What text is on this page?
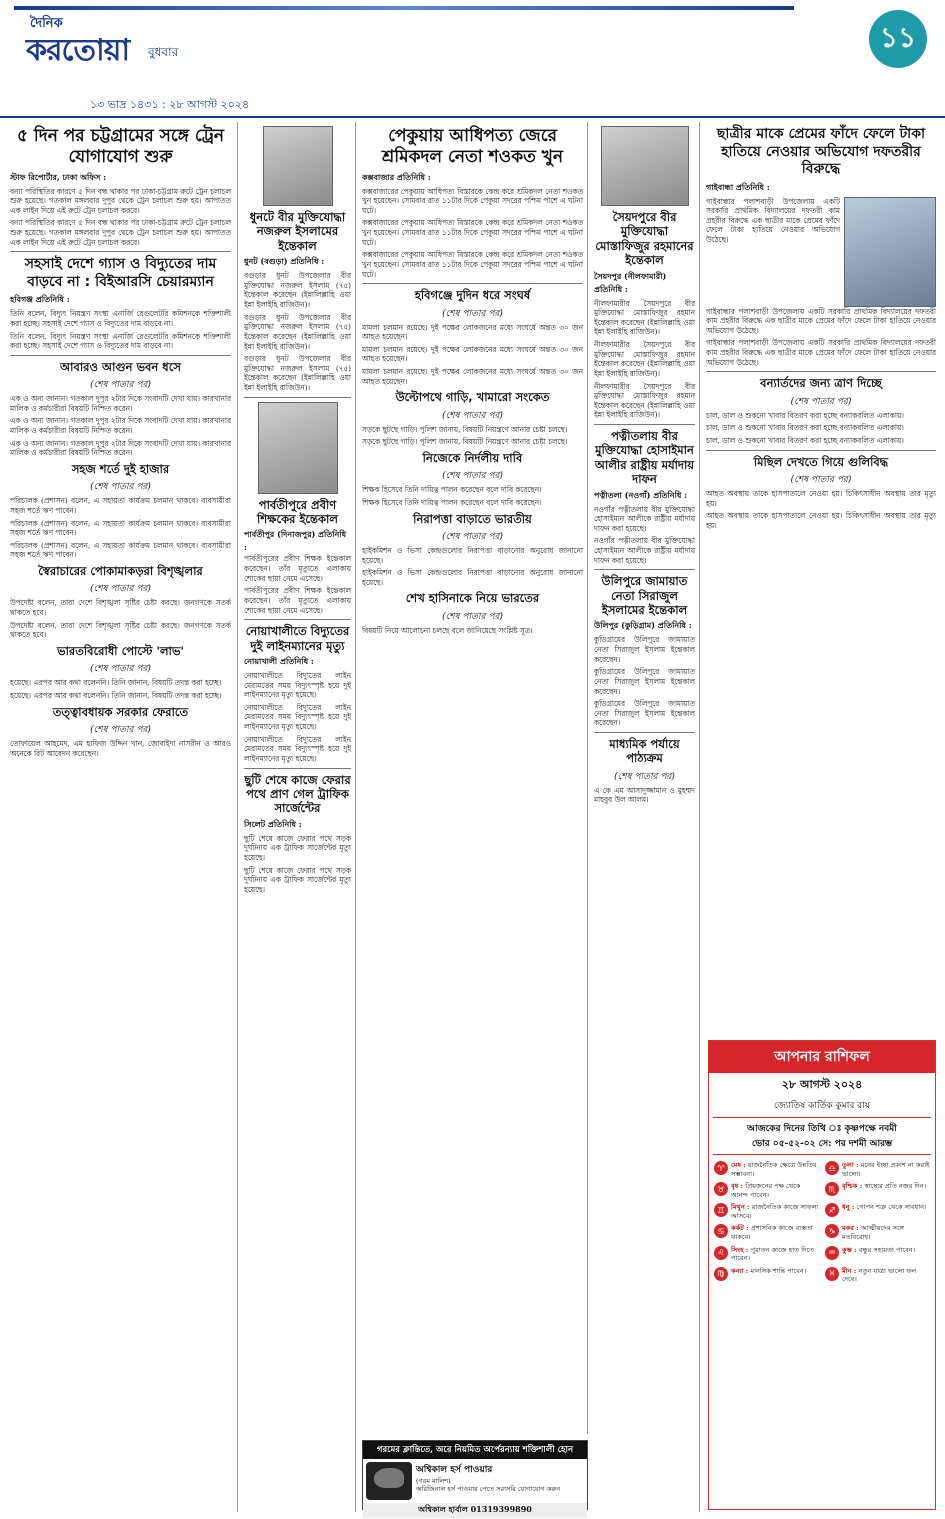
দৈনিক
করতোয়া বুধবার
১৩ ভাদ্র ১৪৩১ : ২৮ আগস্ট ২০২৪
১১
৫ দিন পর চট্টগ্রামের সঙ্গে ট্রেন যোগাযোগ শুরু

স্টাফ রিপোর্টার, ঢাকা অফিস :

বন্যা পরিস্থিতির কারণে ৫ দিন বন্ধ থাকার পর ঢাকা-চট্টগ্রাম রুটে ট্রেন চলাচল শুরু হয়েছে। গতকাল মঙ্গলবার দুপুর থেকে ট্রেন চলাচল শুরু হয়। আপাতত এক লাইন দিয়ে এই রুটে ট্রেন চলাচল করবে।

বন্যা পরিস্থিতির কারণে ৫ দিন বন্ধ থাকার পর ঢাকা-চট্টগ্রাম রুটে ট্রেন চলাচল শুরু হয়েছে। গতকাল মঙ্গলবার দুপুর থেকে ট্রেন চলাচল শুরু হয়। আপাতত এক লাইন দিয়ে এই রুটে ট্রেন চলাচল করবে।

সহসাই দেশে গ্যাস ও বিদ্যুতের দাম বাড়বে না : বিইআরসি চেয়ারম্যান

হবিগঞ্জ প্রতিনিধি :

তিনি বলেন, বিদ্যুৎ নিয়ন্ত্রণ সংস্থা এনার্জি রেগুলেটরি কমিশনকে শক্তিশালী করা হচ্ছে। সহসাই দেশে গ্যাস ও বিদ্যুতের দাম বাড়বে না।

তিনি বলেন, বিদ্যুৎ নিয়ন্ত্রণ সংস্থা এনার্জি রেগুলেটরি কমিশনকে শক্তিশালী করা হচ্ছে। সহসাই দেশে গ্যাস ও বিদ্যুতের দাম বাড়বে না।

আবারও আগুন ভবন ধসে

(শেষ পাতার পর)

এক ও অন্য জানান। গতকাল দুপুর ২টার দিকে সংবাদটি দেখা যায়। কারখানার মালিক ও কর্মচারীরা বিষয়টি নিশ্চিত করেন।

এক ও অন্য জানান। গতকাল দুপুর ২টার দিকে সংবাদটি দেখা যায়। কারখানার মালিক ও কর্মচারীরা বিষয়টি নিশ্চিত করেন।

এক ও অন্য জানান। গতকাল দুপুর ২টার দিকে সংবাদটি দেখা যায়। কারখানার মালিক ও কর্মচারীরা বিষয়টি নিশ্চিত করেন।

সহজ শর্তে দুই হাজার

(শেষ পাতার পর)

পরিচালক (প্রশাসন) বলেন, এ সহায়তা কার্যক্রম চলমান থাকবে। ব্যবসায়ীরা সহজ শর্তে ঋণ পাবেন।

পরিচালক (প্রশাসন) বলেন, এ সহায়তা কার্যক্রম চলমান থাকবে। ব্যবসায়ীরা সহজ শর্তে ঋণ পাবেন।

পরিচালক (প্রশাসন) বলেন, এ সহায়তা কার্যক্রম চলমান থাকবে। ব্যবসায়ীরা সহজ শর্তে ঋণ পাবেন।

স্বৈরাচারের পোকামাকড়রা বিশৃঙ্খলার

(শেষ পাতার পর)

উপদেষ্টা বলেন, তারা দেশে বিশৃঙ্খলা সৃষ্টির চেষ্টা করছে। জনগণকে সতর্ক থাকতে হবে।

উপদেষ্টা বলেন, তারা দেশে বিশৃঙ্খলা সৃষ্টির চেষ্টা করছে। জনগণকে সতর্ক থাকতে হবে।

ভারতবিরোধী পোস্টে 'লাভ'

(শেষ পাতার পর)

হয়েছে। এরপর আর কথা বলেননি। তিনি জানান, বিষয়টি তদন্ত করা হচ্ছে।

হয়েছে। এরপর আর কথা বলেননি। তিনি জানান, বিষয়টি তদন্ত করা হচ্ছে।

তত্ত্বাবধায়ক সরকার ফেরাতে

(শেষ পাতার পর)

তোফায়েল আহমেদ, এম হাফিজ উদ্দিন খান, জোবাইদা নাসরীন ও আরও অনেকে রিট আবেদন করেছেন।

ধুনটে বীর মুক্তিযোদ্ধা নজরুল ইসলামের ইন্তেকাল

ধুনট (বগুড়া) প্রতিনিধি :

বগুড়ার ধুনট উপজেলার বীর মুক্তিযোদ্ধা নজরুল ইসলাম (৭৫) ইন্তেকাল করেছেন (ইন্নালিল্লাহি ওয়া ইন্না ইলাইহি রাজিউন)।

বগুড়ার ধুনট উপজেলার বীর মুক্তিযোদ্ধা নজরুল ইসলাম (৭৫) ইন্তেকাল করেছেন (ইন্নালিল্লাহি ওয়া ইন্না ইলাইহি রাজিউন)।

বগুড়ার ধুনট উপজেলার বীর মুক্তিযোদ্ধা নজরুল ইসলাম (৭৫) ইন্তেকাল করেছেন (ইন্নালিল্লাহি ওয়া ইন্না ইলাইহি রাজিউন)।

পার্বতীপুরে প্রবীণ শিক্ষকের ইন্তেকাল

পার্বতীপুর (দিনাজপুর) প্রতিনিধি :

পার্বতীপুরের প্রবীণ শিক্ষক ইন্তেকাল করেছেন। তাঁর মৃত্যুতে এলাকায় শোকের ছায়া নেমে এসেছে।

পার্বতীপুরের প্রবীণ শিক্ষক ইন্তেকাল করেছেন। তাঁর মৃত্যুতে এলাকায় শোকের ছায়া নেমে এসেছে।

নোয়াখালীতে বিদ্যুতের দুই লাইনম্যানের মৃত্যু

নোয়াখালী প্রতিনিধি :

নোয়াখালীতে বিদ্যুতের লাইন মেরামতের সময় বিদ্যুৎস্পৃষ্ট হয়ে দুই লাইনম্যানের মৃত্যু হয়েছে।

নোয়াখালীতে বিদ্যুতের লাইন মেরামতের সময় বিদ্যুৎস্পৃষ্ট হয়ে দুই লাইনম্যানের মৃত্যু হয়েছে।

নোয়াখালীতে বিদ্যুতের লাইন মেরামতের সময় বিদ্যুৎস্পৃষ্ট হয়ে দুই লাইনম্যানের মৃত্যু হয়েছে।

ছুটি শেষে কাজে ফেরার পথে প্রাণ গেল ট্রাফিক সার্জেন্টের

সিলেট প্রতিনিধি :

ছুটি শেষে কাজে ফেরার পথে সড়ক দুর্ঘটনায় এক ট্রাফিক সার্জেন্টের মৃত্যু হয়েছে।

ছুটি শেষে কাজে ফেরার পথে সড়ক দুর্ঘটনায় এক ট্রাফিক সার্জেন্টের মৃত্যু হয়েছে।

পেকুয়ায় আধিপত্য জেরে শ্রমিকদল নেতা শওকত খুন

কক্সবাজার প্রতিনিধি :

কক্সবাজারের পেকুয়ায় আধিপত্য বিস্তারকে কেন্দ্র করে শ্রমিকদল নেতা শওকত খুন হয়েছেন। সোমবার রাত ১১টার দিকে পেকুয়া সদরের পশ্চিম পাশে এ ঘটনা ঘটে।

কক্সবাজারের পেকুয়ায় আধিপত্য বিস্তারকে কেন্দ্র করে শ্রমিকদল নেতা শওকত খুন হয়েছেন। সোমবার রাত ১১টার দিকে পেকুয়া সদরের পশ্চিম পাশে এ ঘটনা ঘটে।

কক্সবাজারের পেকুয়ায় আধিপত্য বিস্তারকে কেন্দ্র করে শ্রমিকদল নেতা শওকত খুন হয়েছেন। সোমবার রাত ১১টার দিকে পেকুয়া সদরের পশ্চিম পাশে এ ঘটনা ঘটে।

হবিগঞ্জে দুদিন ধরে সংঘর্ষ

(শেষ পাতার পর)

মামলা চলমান রয়েছে। দুই পক্ষের লোকজনের মধ্যে সংঘর্ষে অন্তত ৩০ জন আহত হয়েছেন।

মামলা চলমান রয়েছে। দুই পক্ষের লোকজনের মধ্যে সংঘর্ষে অন্তত ৩০ জন আহত হয়েছেন।

মামলা চলমান রয়েছে। দুই পক্ষের লোকজনের মধ্যে সংঘর্ষে অন্তত ৩০ জন আহত হয়েছেন।

উল্টোপথে গাড়ি, খামারো সংকেত

(শেষ পাতার পর)

সড়কে ছুটছে গাড়ি। পুলিশ জানায়, বিষয়টি নিয়ন্ত্রণে আনার চেষ্টা চলছে।

সড়কে ছুটছে গাড়ি। পুলিশ জানায়, বিষয়টি নিয়ন্ত্রণে আনার চেষ্টা চলছে।

নিজেকে নির্দলীয় দাবি

(শেষ পাতার পর)

শিক্ষক হিসেবে তিনি দায়িত্ব পালন করেছেন বলে দাবি করেছেন।

শিক্ষক হিসেবে তিনি দায়িত্ব পালন করেছেন বলে দাবি করেছেন।

নিরাপত্তা বাড়াতে ভারতীয়

(শেষ পাতার পর)

হাইকমিশন ও ভিসা কেন্দ্রগুলোর নিরাপত্তা বাড়ানোর অনুরোধ জানানো হয়েছে।

হাইকমিশন ও ভিসা কেন্দ্রগুলোর নিরাপত্তা বাড়ানোর অনুরোধ জানানো হয়েছে।

শেখ হাসিনাকে নিয়ে ভারতের

(শেষ পাতার পর)

বিষয়টি নিয়ে আলোচনা চলছে বলে জানিয়েছে সংশ্লিষ্ট সূত্র।

গরমের ক্লান্তিতে, অরে নিয়মিত অর্পেরন্যায় শক্তিশালী হোন
অশ্বিকাল হর্স পাওয়ার
(গরম মালিশ)
অরিজিনাল হর্স পাওয়ার পেতে সরাসরি যোগাযোগ করুন
অশ্বিকাল হার্বাল 01319399890
সৈয়দপুরে বীর মুক্তিযোদ্ধা মোস্তাফিজুর রহমানের ইন্তেকাল

সৈয়দপুর (নীলফামারী) প্রতিনিধি :

নীলফামারীর সৈয়দপুরে বীর মুক্তিযোদ্ধা মোস্তাফিজুর রহমান ইন্তেকাল করেছেন (ইন্নালিল্লাহি ওয়া ইন্না ইলাইহি রাজিউন)।

নীলফামারীর সৈয়দপুরে বীর মুক্তিযোদ্ধা মোস্তাফিজুর রহমান ইন্তেকাল করেছেন (ইন্নালিল্লাহি ওয়া ইন্না ইলাইহি রাজিউন)।

নীলফামারীর সৈয়দপুরে বীর মুক্তিযোদ্ধা মোস্তাফিজুর রহমান ইন্তেকাল করেছেন (ইন্নালিল্লাহি ওয়া ইন্না ইলাইহি রাজিউন)।

পত্নীতলায় বীর মুক্তিযোদ্ধা হোসাইমান আলীর রাষ্ট্রীয় মর্যাদায় দাফন

পত্নীতলা (নওগাঁ) প্রতিনিধি :

নওগাঁর পত্নীতলায় বীর মুক্তিযোদ্ধা হোসাইমান আলীকে রাষ্ট্রীয় মর্যাদায় দাফন করা হয়েছে।

নওগাঁর পত্নীতলায় বীর মুক্তিযোদ্ধা হোসাইমান আলীকে রাষ্ট্রীয় মর্যাদায় দাফন করা হয়েছে।

উলিপুরে জামায়াত নেতা সিরাজুল ইসলামের ইন্তেকাল

উলিপুর (কুড়িগ্রাম) প্রতিনিধি :

কুড়িগ্রামের উলিপুরে জামায়াত নেতা সিরাজুল ইসলাম ইন্তেকাল করেছেন।

কুড়িগ্রামের উলিপুরে জামায়াত নেতা সিরাজুল ইসলাম ইন্তেকাল করেছেন।

কুড়িগ্রামের উলিপুরে জামায়াত নেতা সিরাজুল ইসলাম ইন্তেকাল করেছেন।

মাধ্যমিক পর্যায়ে পাঠ্যক্রম

(শেষ পাতার পর)

এ কে এম আসাদুজ্জামান ও মুহম্মদ মাহবুব উল আলম।

ছাত্রীর মাকে প্রেমের ফাঁদে ফেলে টাকা হাতিয়ে নেওয়ার অভিযোগ দফতরীর বিরুদ্ধে

গাইবান্ধা প্রতিনিধি :

গাইবান্ধার পলাশবাড়ী উপজেলায় একটি সরকারি প্রাথমিক বিদ্যালয়ের দফতরী কাম প্রহরীর বিরুদ্ধে এক ছাত্রীর মাকে প্রেমের ফাঁদে ফেলে টাকা হাতিয়ে নেওয়ার অভিযোগ উঠেছে।

গাইবান্ধার পলাশবাড়ী উপজেলায় একটি সরকারি প্রাথমিক বিদ্যালয়ের দফতরী কাম প্রহরীর বিরুদ্ধে এক ছাত্রীর মাকে প্রেমের ফাঁদে ফেলে টাকা হাতিয়ে নেওয়ার অভিযোগ উঠেছে।

গাইবান্ধার পলাশবাড়ী উপজেলায় একটি সরকারি প্রাথমিক বিদ্যালয়ের দফতরী কাম প্রহরীর বিরুদ্ধে এক ছাত্রীর মাকে প্রেমের ফাঁদে ফেলে টাকা হাতিয়ে নেওয়ার অভিযোগ উঠেছে।

বন্যার্তদের জন্য ত্রাণ দিচ্ছে

(শেষ পাতার পর)

চাল, ডাল ও শুকনো খাবার বিতরণ করা হচ্ছে বন্যাকবলিত এলাকায়।

চাল, ডাল ও শুকনো খাবার বিতরণ করা হচ্ছে বন্যাকবলিত এলাকায়।

চাল, ডাল ও শুকনো খাবার বিতরণ করা হচ্ছে বন্যাকবলিত এলাকায়।

মিছিল দেখতে গিয়ে গুলিবিদ্ধ

(শেষ পাতার পর)

আহত অবস্থায় তাকে হাসপাতালে নেওয়া হয়। চিকিৎসাধীন অবস্থায় তার মৃত্যু হয়।

আহত অবস্থায় তাকে হাসপাতালে নেওয়া হয়। চিকিৎসাধীন অবস্থায় তার মৃত্যু হয়।

আপনার রাশিফল
২৮ আগস্ট ২০২৪
জ্যোতিষ কার্তিক কুমার রায়
আজকের দিনের তিথি ঃ কৃষ্ণপক্ষে নবমী
ভোর ০৫-৫২-০২ সে: পর দশমী আরম্ভ
♈ মেষ : রাজনৈতিক ক্ষেত্রে উন্নতির সম্ভাবনা।
♎ তুলা : মনের ইচ্ছা প্রকাশ না করাই ভালো।
♉ বৃষ : প্রিয়জনের পক্ষ থেকে আনন্দ পাবেন।
♏ বৃশ্চিক : স্বাস্থ্যের প্রতি নজর দিন।
♊ মিথুন : রাজনৈতিক কাজে সাফল্য আসবে।
♐ ধনু : গোপন শত্রু থেকে সাবধান।
♋ কর্কট : প্রশাসনিক কাজে ব্যস্ততা থাকবে।
♑ মকর : আত্মীয়দের সঙ্গে মতবিরোধ।
♌ সিংহ : পুরাতন কাজে হাত দিতে পারেন।
♒ কুম্ভ : বন্ধুর সহায়তা পাবেন।
♍ কন্যা : মানসিক শান্তি পাবেন।	♓ মীন : নতুন যাত্রা ভালো ফল দেবে।
